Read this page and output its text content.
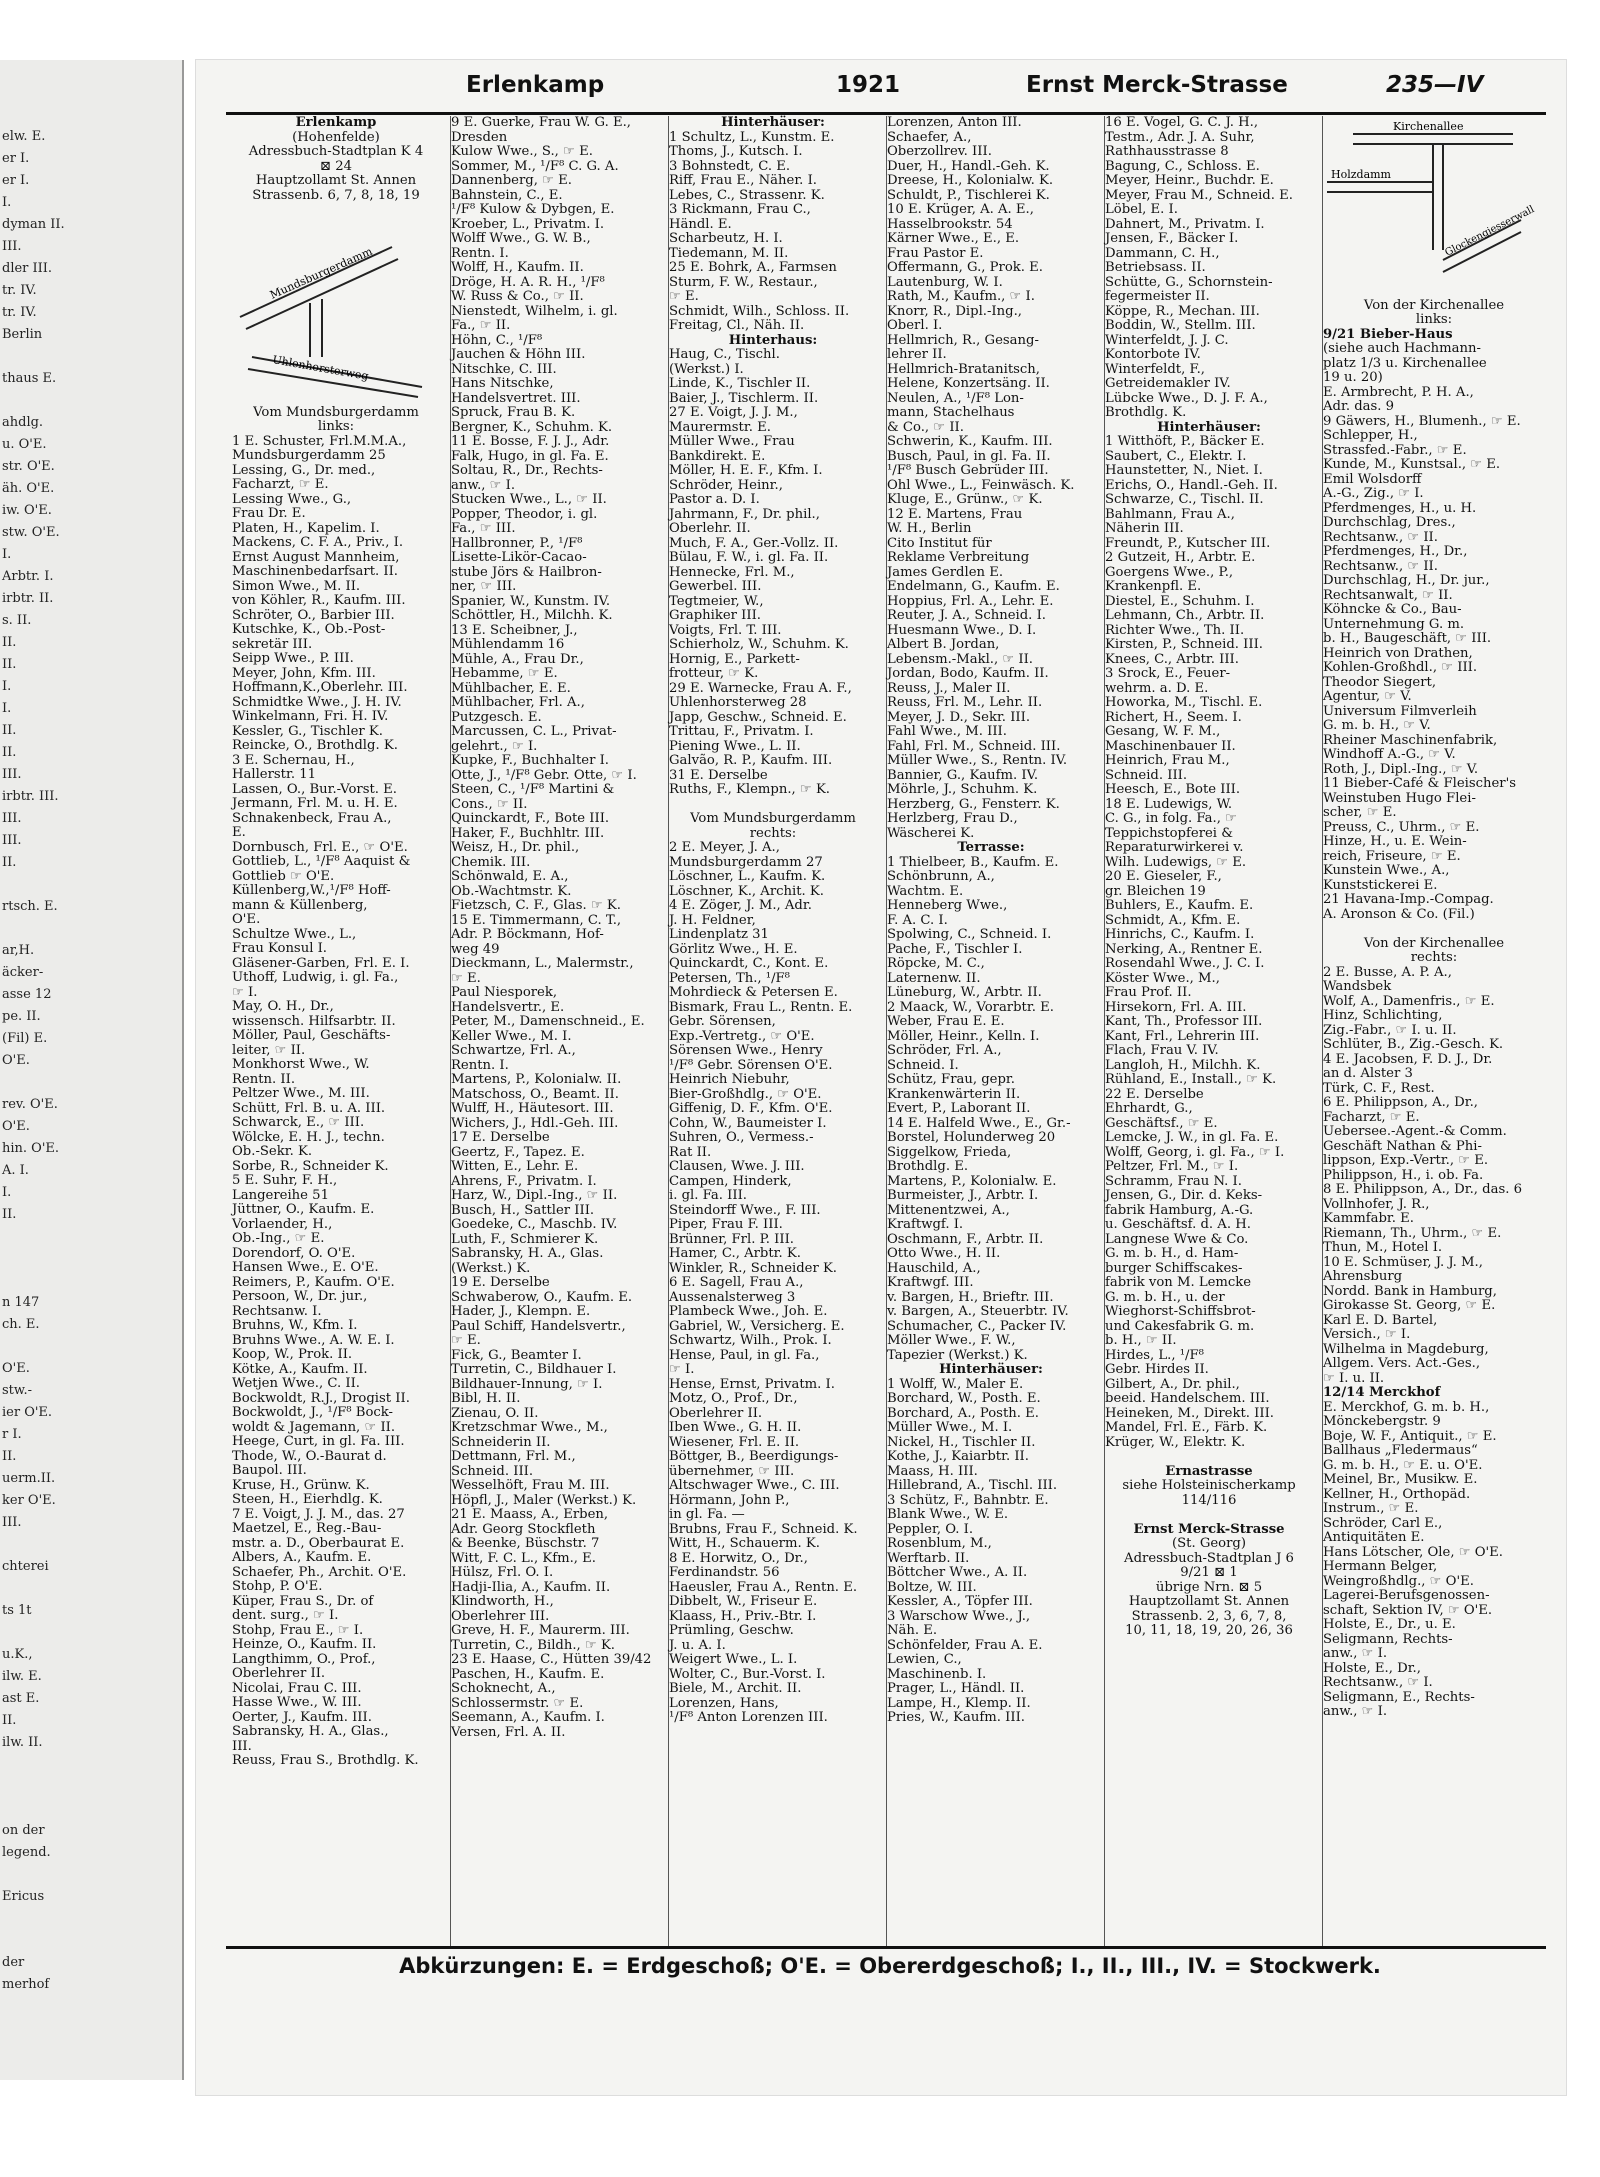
elw. E.
er I.
er I.
I.
dyman II.
III.
dler III.
tr. IV.
tr. IV.
Berlin
thaus E.
ahdlg.
u. O'E.
str. O'E.
äh. O'E.
iw. O'E.
stw. O'E.
I.
Arbtr. I.
irbtr. II.
s. II.
II.
II.
I.
I.
II.
II.
III.
irbtr. III.
III.
III.
II.
rtsch. E.
ar,H.
äcker-
asse 12
pe. II.
(Fil) E.
O'E.
rev. O'E.
O'E.
hin. O'E.
A. I.
I.
II.
n 147
ch. E.
O'E.
stw.-
ier O'E.
r I.
II.
uerm.II.
ker O'E.
III.
chterei
ts 1t
u.K.,
ilw. E.
ast E.
II.
ilw. II.
on der
legend.
Ericus
der
merhof
Erlenkamp	1921	Ernst Merck-Strasse	235—IV
Erlenkamp
(Hohenfelde)
Adressbuch-Stadtplan K 4
⊠ 24
Hauptzollamt St. Annen
Strassenb. 6, 7, 8, 18, 19
Mundsburgerdamm
Uhlenhorsterweg
Vom Mundsburgerdamm
links:
1 E. Schuster, Frl.M.M.A.,
Mundsburgerdamm 25
Lessing, G., Dr. med.,
Facharzt, ☞ E.
Lessing Wwe., G.,
Frau Dr. E.
Platen, H., Kapelim. I.
Mackens, C. F. A., Priv., I.
Ernst August Mannheim,
Maschinenbedarfsart. II.
Simon Wwe., M. II.
von Köhler, R., Kaufm. III.
Schröter, O., Barbier III.
Kutschke, K., Ob.-Post-
sekretär III.
Seipp Wwe., P. III.
Meyer, John, Kfm. III.
Hoffmann,K.,Oberlehr. III.
Schmidtke Wwe., J. H. IV.
Winkelmann, Fri. H. IV.
Kessler, G., Tischler K.
Reincke, O., Brothdlg. K.
3 E. Schernau, H.,
Hallerstr. 11
Lassen, O., Bur.-Vorst. E.
Jermann, Frl. M. u. H. E.
Schnakenbeck, Frau A.,
E.
Dornbusch, Frl. E., ☞ O'E.
Gottlieb, L., ¹/F⁸ Aaquist &
Gottlieb ☞ O'E.
Küllenberg,W.,¹/F⁸ Hoff-
mann & Küllenberg,
O'E.
Schultze Wwe., L.,
Frau Konsul I.
Gläsener-Garben, Frl. E. I.
Uthoff, Ludwig, i. gl. Fa.,
☞ I.
May, O. H., Dr.,
wissensch. Hilfsarbtr. II.
Möller, Paul, Geschäfts-
leiter, ☞ II.
Monkhorst Wwe., W.
Rentn. II.
Peltzer Wwe., M. III.
Schütt, Frl. B. u. A. III.
Schwarck, E., ☞ III.
Wölcke, E. H. J., techn.
Ob.-Sekr. K.
Sorbe, R., Schneider K.
5 E. Suhr, F. H.,
Langereihe 51
Jüttner, O., Kaufm. E.
Vorlaender, H.,
Ob.-Ing., ☞ E.
Dorendorf, O. O'E.
Hansen Wwe., E. O'E.
Reimers, P., Kaufm. O'E.
Persoon, W., Dr. jur.,
Rechtsanw. I.
Bruhns, W., Kfm. I.
Bruhns Wwe., A. W. E. I.
Koop, W., Prok. II.
Kötke, A., Kaufm. II.
Wetjen Wwe., C. II.
Bockwoldt, R.J., Drogist II.
Bockwoldt, J., ¹/F⁸ Bock-
woldt & Jagemann, ☞ II.
Heege, Curt, in gl. Fa. III.
Thode, W., O.-Baurat d.
Baupol. III.
Kruse, H., Grünw. K.
Steen, H., Eierhdlg. K.
7 E. Voigt, J. J. M., das. 27
Maetzel, E., Reg.-Bau-
mstr. a. D., Oberbaurat E.
Albers, A., Kaufm. E.
Schaefer, Ph., Archit. O'E.
Stohp, P. O'E.
Küper, Frau S., Dr. of
dent. surg., ☞ I.
Stohp, Frau E., ☞ I.
Heinze, O., Kaufm. II.
Langthimm, O., Prof.,
Oberlehrer II.
Nicolai, Frau C. III.
Hasse Wwe., W. III.
Oerter, J., Kaufm. III.
Sabransky, H. A., Glas.,
III.
Reuss, Frau S., Brothdlg. K.
9 E. Guerke, Frau W. G. E.,
Dresden
Kulow Wwe., S., ☞ E.
Sommer, M., ¹/F⁸ C. G. A.
Dannenberg, ☞ E.
Bahnstein, C., E.
¹/F⁸ Kulow & Dybgen, E.
Kroeber, L., Privatm. I.
Wolff Wwe., G. W. B.,
Rentn. I.
Wolff, H., Kaufm. II.
Dröge, H. A. R. H., ¹/F⁸
W. Russ & Co., ☞ II.
Nienstedt, Wilhelm, i. gl.
Fa., ☞ II.
Höhn, C., ¹/F⁸
Jauchen & Höhn III.
Nitschke, C. III.
Hans Nitschke,
Handelsvertret. III.
Spruck, Frau B. K.
Bergner, K., Schuhm. K.
11 E. Bosse, F. J. J., Adr.
Falk, Hugo, in gl. Fa. E.
Soltau, R., Dr., Rechts-
anw., ☞ I.
Stucken Wwe., L., ☞ II.
Popper, Theodor, i. gl.
Fa., ☞ III.
Hallbronner, P., ¹/F⁸
Lisette-Likör-Cacao-
stube Jörs & Hailbron-
ner, ☞ III.
Spanier, W., Kunstm. IV.
Schöttler, H., Milchh. K.
13 E. Scheibner, J.,
Mühlendamm 16
Mühle, A., Frau Dr.,
Hebamme, ☞ E.
Mühlbacher, E. E.
Mühlbacher, Frl. A.,
Putzgesch. E.
Marcussen, C. L., Privat-
gelehrt., ☞ I.
Kupke, F., Buchhalter I.
Otte, J., ¹/F⁸ Gebr. Otte, ☞ I.
Steen, C., ¹/F⁸ Martini &
Cons., ☞ II.
Quinckardt, F., Bote III.
Haker, F., Buchhltr. III.
Weisz, H., Dr. phil.,
Chemik. III.
Schönwald, E. A.,
Ob.-Wachtmstr. K.
Fietzsch, C. F., Glas. ☞ K.
15 E. Timmermann, C. T.,
Adr. P. Böckmann, Hof-
weg 49
Dieckmann, L., Malermstr.,
☞ E.
Paul Niesporek,
Handelsvertr., E.
Peter, M., Damenschneid., E.
Keller Wwe., M. I.
Schwartze, Frl. A.,
Rentn. I.
Martens, P., Kolonialw. II.
Matschoss, O., Beamt. II.
Wulff, H., Häutesort. III.
Wichers, J., Hdl.-Geh. III.
17 E. Derselbe
Geertz, F., Tapez. E.
Witten, E., Lehr. E.
Ahrens, F., Privatm. I.
Harz, W., Dipl.-Ing., ☞ II.
Busch, H., Sattler III.
Goedeke, C., Maschb. IV.
Luth, F., Schmierer K.
Sabransky, H. A., Glas.
(Werkst.) K.
19 E. Derselbe
Schwaberow, O., Kaufm. E.
Hader, J., Klempn. E.
Paul Schiff, Handelsvertr.,
☞ E.
Fick, G., Beamter I.
Turretin, C., Bildhauer I.
Bildhauer-Innung, ☞ I.
Bibl, H. II.
Zienau, O. II.
Kretzschmar Wwe., M.,
Schneiderin II.
Dettmann, Frl. M.,
Schneid. III.
Wesselhöft, Frau M. III.
Höpfl, J., Maler (Werkst.) K.
21 E. Maass, A., Erben,
Adr. Georg Stockfleth
& Beenke, Büschstr. 7
Witt, F. C. L., Kfm., E.
Hülsz, Frl. O. I.
Hadji-Ilia, A., Kaufm. II.
Klindworth, H.,
Oberlehrer III.
Greve, H. F., Maurerm. III.
Turretin, C., Bildh., ☞ K.
23 E. Haase, C., Hütten 39/42
Paschen, H., Kaufm. E.
Schoknecht, A.,
Schlossermstr. ☞ E.
Seemann, A., Kaufm. I.
Versen, Frl. A. II.
Hinterhäuser:
1 Schultz, L., Kunstm. E.
Thoms, J., Kutsch. I.
3 Bohnstedt, C. E.
Riff, Frau E., Näher. I.
Lebes, C., Strassenr. K.
3 Rickmann, Frau C.,
Händl. E.
Scharbeutz, H. I.
Tiedemann, M. II.
25 E. Bohrk, A., Farmsen
Sturm, F. W., Restaur.,
☞ E.
Schmidt, Wilh., Schloss. II.
Freitag, Cl., Näh. II.
Hinterhaus:
Haug, C., Tischl.
(Werkst.) I.
Linde, K., Tischler II.
Baier, J., Tischlerm. II.
27 E. Voigt, J. J. M.,
Maurermstr. E.
Müller Wwe., Frau
Bankdirekt. E.
Möller, H. E. F., Kfm. I.
Schröder, Heinr.,
Pastor a. D. I.
Jahrmann, F., Dr. phil.,
Oberlehr. II.
Much, F. A., Ger.-Vollz. II.
Bülau, F. W., i. gl. Fa. II.
Hennecke, Frl. M.,
Gewerbel. III.
Tegtmeier, W.,
Graphiker III.
Voigts, Frl. T. III.
Schierholz, W., Schuhm. K.
Hornig, E., Parkett-
frotteur, ☞ K.
29 E. Warnecke, Frau A. F.,
Uhlenhorsterweg 28
Japp, Geschw., Schneid. E.
Trittau, F., Privatm. I.
Piening Wwe., L. II.
Galvão, R. P., Kaufm. III.
31 E. Derselbe
Ruths, F., Klempn., ☞ K.

Vom Mundsburgerdamm
rechts:
2 E. Meyer, J. A.,
Mundsburgerdamm 27
Löschner, L., Kaufm. K.
Löschner, K., Archit. K.
4 E. Zöger, J. M., Adr.
J. H. Feldner,
Lindenplatz 31
Görlitz Wwe., H. E.
Quinckardt, C., Kont. E.
Petersen, Th., ¹/F⁸
Mohrdieck & Petersen E.
Bismark, Frau L., Rentn. E.
Gebr. Sörensen,
Exp.-Vertretg., ☞ O'E.
Sörensen Wwe., Henry
¹/F⁸ Gebr. Sörensen O'E.
Heinrich Niebuhr,
Bier-Großhdlg., ☞ O'E.
Giffenig, D. F., Kfm. O'E.
Cohn, W., Baumeister I.
Suhren, O., Vermess.-
Rat II.
Clausen, Wwe. J. III.
Campen, Hinderk,
i. gl. Fa. III.
Steindorff Wwe., F. III.
Piper, Frau F. III.
Brünner, Frl. P. III.
Hamer, C., Arbtr. K.
Winkler, R., Schneider K.
6 E. Sagell, Frau A.,
Aussenalsterweg 3
Plambeck Wwe., Joh. E.
Gabriel, W., Versicherg. E.
Schwartz, Wilh., Prok. I.
Hense, Paul, in gl. Fa.,
☞ I.
Hense, Ernst, Privatm. I.
Motz, O., Prof., Dr.,
Oberlehrer II.
Iben Wwe., G. H. II.
Wiesener, Frl. E. II.
Böttger, B., Beerdigungs-
übernehmer, ☞ III.
Altschwager Wwe., C. III.
Hörmann, John P.,
in gl. Fa. —
Brubns, Frau F., Schneid. K.
Witt, H., Schauerm. K.
8 E. Horwitz, O., Dr.,
Ferdinandstr. 56
Haeusler, Frau A., Rentn. E.
Dibbelt, W., Friseur E.
Klaass, H., Priv.-Btr. I.
Prümling, Geschw.
J. u. A. I.
Weigert Wwe., L. I.
Wolter, C., Bur.-Vorst. I.
Biele, M., Archit. II.
Lorenzen, Hans,
¹/F⁸ Anton Lorenzen III.
Lorenzen, Anton III.
Schaefer, A.,
Oberzollrev. III.
Duer, H., Handl.-Geh. K.
Dreese, H., Kolonialw. K.
Schuldt, P., Tischlerei K.
10 E. Krüger, A. A. E.,
Hasselbrookstr. 54
Kärner Wwe., E., E.
Frau Pastor E.
Offermann, G., Prok. E.
Lautenburg, W. I.
Rath, M., Kaufm., ☞ I.
Knorr, R., Dipl.-Ing.,
Oberl. I.
Hellmrich, R., Gesang-
lehrer II.
Hellmrich-Bratanitsch,
Helene, Konzertsäng. II.
Neulen, A., ¹/F⁸ Lon-
mann, Stachelhaus
& Co., ☞ II.
Schwerin, K., Kaufm. III.
Busch, Paul, in gl. Fa. II.
¹/F⁸ Busch Gebrüder III.
Ohl Wwe., L., Feinwäsch. K.
Kluge, E., Grünw., ☞ K.
12 E. Martens, Frau
W. H., Berlin
Cito Institut für
Reklame Verbreitung
James Gerdlen E.
Endelmann, G., Kaufm. E.
Hoppius, Frl. A., Lehr. E.
Reuter, J. A., Schneid. I.
Huesmann Wwe., D. I.
Albert B. Jordan,
Lebensm.-Makl., ☞ II.
Jordan, Bodo, Kaufm. II.
Reuss, J., Maler II.
Reuss, Frl. M., Lehr. II.
Meyer, J. D., Sekr. III.
Fahl Wwe., M. III.
Fahl, Frl. M., Schneid. III.
Müller Wwe., S., Rentn. IV.
Bannier, G., Kaufm. IV.
Möhrle, J., Schuhm. K.
Herzberg, G., Fensterr. K.
Herlzberg, Frau D.,
Wäscherei K.
Terrasse:
1 Thielbeer, B., Kaufm. E.
Schönbrunn, A.,
Wachtm. E.
Henneberg Wwe.,
F. A. C. I.
Spolwing, C., Schneid. I.
Pache, F., Tischler I.
Röpcke, M. C.,
Laternenw. II.
Lüneburg, W., Arbtr. II.
2 Maack, W., Vorarbtr. E.
Weber, Frau E. E.
Möller, Heinr., Kelln. I.
Schröder, Frl. A.,
Schneid. I.
Schütz, Frau, gepr.
Krankenwärterin II.
Evert, P., Laborant II.
14 E. Halfeld Wwe., E., Gr.-
Borstel, Holunderweg 20
Siggelkow, Frieda,
Brothdlg. E.
Martens, P., Kolonialw. E.
Burmeister, J., Arbtr. I.
Mittenentzwei, A.,
Kraftwgf. I.
Oschmann, F., Arbtr. II.
Otto Wwe., H. II.
Hauschild, A.,
Kraftwgf. III.
v. Bargen, H., Brieftr. III.
v. Bargen, A., Steuerbtr. IV.
Schumacher, C., Packer IV.
Möller Wwe., F. W.,
Tapezier (Werkst.) K.
Hinterhäuser:
1 Wolff, W., Maler E.
Borchard, W., Posth. E.
Borchard, A., Posth. E.
Müller Wwe., M. I.
Nickel, H., Tischler II.
Kothe, J., Kaiarbtr. II.
Maass, H. III.
Hillebrand, A., Tischl. III.
3 Schütz, F., Bahnbtr. E.
Blank Wwe., W. E.
Peppler, O. I.
Rosenblum, M.,
Werftarb. II.
Böttcher Wwe., A. II.
Boltze, W. III.
Kessler, A., Töpfer III.
3 Warschow Wwe., J.,
Näh. E.
Schönfelder, Frau A. E.
Lewien, C.,
Maschinenb. I.
Prager, L., Händl. II.
Lampe, H., Klemp. II.
Pries, W., Kaufm. III.
16 E. Vogel, G. C. J. H.,
Testm., Adr. J. A. Suhr,
Rathhausstrasse 8
Bagung, C., Schloss. E.
Meyer, Heinr., Buchdr. E.
Meyer, Frau M., Schneid. E.
Löbel, E. I.
Dahnert, M., Privatm. I.
Jensen, F., Bäcker I.
Dammann, C. H.,
Betriebsass. II.
Schütte, G., Schornstein-
fegermeister II.
Köppe, R., Mechan. III.
Boddin, W., Stellm. III.
Winterfeldt, J. J. C.
Kontorbote IV.
Winterfeldt, F.,
Getreidemakler IV.
Lübcke Wwe., D. J. F. A.,
Brothdlg. K.
Hinterhäuser:
1 Witthöft, P., Bäcker E.
Saubert, C., Elektr. I.
Haunstetter, N., Niet. I.
Erichs, O., Handl.-Geh. II.
Schwarze, C., Tischl. II.
Bahlmann, Frau A.,
Näherin III.
Freundt, P., Kutscher III.
2 Gutzeit, H., Arbtr. E.
Goergens Wwe., P.,
Krankenpfl. E.
Diestel, E., Schuhm. I.
Lehmann, Ch., Arbtr. II.
Richter Wwe., Th. II.
Kirsten, P., Schneid. III.
Knees, C., Arbtr. III.
3 Srock, E., Feuer-
wehrm. a. D. E.
Howorka, M., Tischl. E.
Richert, H., Seem. I.
Gesang, W. F. M.,
Maschinenbauer II.
Heinrich, Frau M.,
Schneid. III.
Heesch, E., Bote III.
18 E. Ludewigs, W.
C. G., in folg. Fa., ☞
Teppichstopferei &
Reparaturwirkerei v.
Wilh. Ludewigs, ☞ E.
20 E. Gieseler, F.,
gr. Bleichen 19
Buhlers, E., Kaufm. E.
Schmidt, A., Kfm. E.
Hinrichs, C., Kaufm. I.
Nerking, A., Rentner E.
Rosendahl Wwe., J. C. I.
Köster Wwe., M.,
Frau Prof. II.
Hirsekorn, Frl. A. III.
Kant, Th., Professor III.
Kant, Frl., Lehrerin III.
Flach, Frau V. IV.
Langloh, H., Milchh. K.
Rühland, E., Install., ☞ K.
22 E. Derselbe
Ehrhardt, G.,
Geschäftsf., ☞ E.
Lemcke, J. W., in gl. Fa. E.
Wolff, Georg, i. gl. Fa., ☞ I.
Peltzer, Frl. M., ☞ I.
Schramm, Frau N. I.
Jensen, G., Dir. d. Keks-
fabrik Hamburg, A.-G.
u. Geschäftsf. d. A. H.
Langnese Wwe & Co.
G. m. b. H., d. Ham-
burger Schiffscakes-
fabrik von M. Lemcke
G. m. b. H., u. der
Wieghorst-Schiffsbrot-
und Cakesfabrik G. m.
b. H., ☞ II.
Hirdes, L., ¹/F⁸
Gebr. Hirdes II.
Gilbert, A., Dr. phil.,
beeid. Handelschem. III.
Heineken, M., Direkt. III.
Mandel, Frl. E., Färb. K.
Krüger, W., Elektr. K.

Ernastrasse
siehe Holsteinischerkamp
114/116

Ernst Merck-Strasse
(St. Georg)
Adressbuch-Stadtplan J 6
9/21 ⊠ 1
übrige Nrn. ⊠ 5
Hauptzollamt St. Annen
Strassenb. 2, 3, 6, 7, 8,
10, 11, 18, 19, 20, 26, 36
Kirchenallee
Holzdamm
Glockengiesserwall
Von der Kirchenallee
links:
9/21 Bieber-Haus
(siehe auch Hachmann-
platz 1/3 u. Kirchenallee
19 u. 20)
E. Armbrecht, P. H. A.,
Adr. das. 9
9 Gäwers, H., Blumenh., ☞ E.
Schlepper, H.,
Strassfed.-Fabr., ☞ E.
Kunde, M., Kunstsal., ☞ E.
Emil Wolsdorff
A.-G., Zig., ☞ I.
Pferdmenges, H., u. H.
Durchschlag, Dres.,
Rechtsanw., ☞ II.
Pferdmenges, H., Dr.,
Rechtsanw., ☞ II.
Durchschlag, H., Dr. jur.,
Rechtsanwalt, ☞ II.
Köhncke & Co., Bau-
Unternehmung G. m.
b. H., Baugeschäft, ☞ III.
Heinrich von Drathen,
Kohlen-Großhdl., ☞ III.
Theodor Siegert,
Agentur, ☞ V.
Universum Filmverleih
G. m. b. H., ☞ V.
Rheiner Maschinenfabrik,
Windhoff A.-G., ☞ V.
Roth, J., Dipl.-Ing., ☞ V.
11 Bieber-Café & Fleischer's
Weinstuben Hugo Flei-
scher, ☞ E.
Preuss, C., Uhrm., ☞ E.
Hinze, H., u. E. Wein-
reich, Friseure, ☞ E.
Kunstein Wwe., A.,
Kunststickerei E.
21 Havana-Imp.-Compag.
A. Aronson & Co. (Fil.)

Von der Kirchenallee
rechts:
2 E. Busse, A. P. A.,
Wandsbek
Wolf, A., Damenfris., ☞ E.
Hinz, Schlichting,
Zig.-Fabr., ☞ I. u. II.
Schlüter, B., Zig.-Gesch. K.
4 E. Jacobsen, F. D. J., Dr.
an d. Alster 3
Türk, C. F., Rest.
6 E. Philippson, A., Dr.,
Facharzt, ☞ E.
Uebersee.-Agent.-& Comm.
Geschäft Nathan & Phi-
lippson, Exp.-Vertr., ☞ E.
Philippson, H., i. ob. Fa.
8 E. Philippson, A., Dr., das. 6
Vollnhofer, J. R.,
Kammfabr. E.
Riemann, Th., Uhrm., ☞ E.
Thun, M., Hotel I.
10 E. Schmüser, J. J. M.,
Ahrensburg
Nordd. Bank in Hamburg,
Girokasse St. Georg, ☞ E.
Karl E. D. Bartel,
Versich., ☞ I.
Wilhelma in Magdeburg,
Allgem. Vers. Act.-Ges.,
☞ I. u. II.
12/14 Merckhof
E. Merckhof, G. m. b. H.,
Mönckebergstr. 9
Boje, W. F., Antiquit., ☞ E.
Ballhaus „Fledermaus“
G. m. b. H., ☞ E. u. O'E.
Meinel, Br., Musikw. E.
Kellner, H., Orthopäd.
Instrum., ☞ E.
Schröder, Carl E.,
Antiquitäten E.
Hans Lötscher, Ole, ☞ O'E.
Hermann Belger,
Weingroßhdlg., ☞ O'E.
Lagerei-Berufsgenossen-
schaft, Sektion IV, ☞ O'E.
Holste, E., Dr., u. E.
Seligmann, Rechts-
anw., ☞ I.
Holste, E., Dr.,
Rechtsanw., ☞ I.
Seligmann, E., Rechts-
anw., ☞ I.
Abkürzungen: E. = Erdgeschoß; O'E. = Obererdgeschoß; I., II., III., IV. = Stockwerk.
